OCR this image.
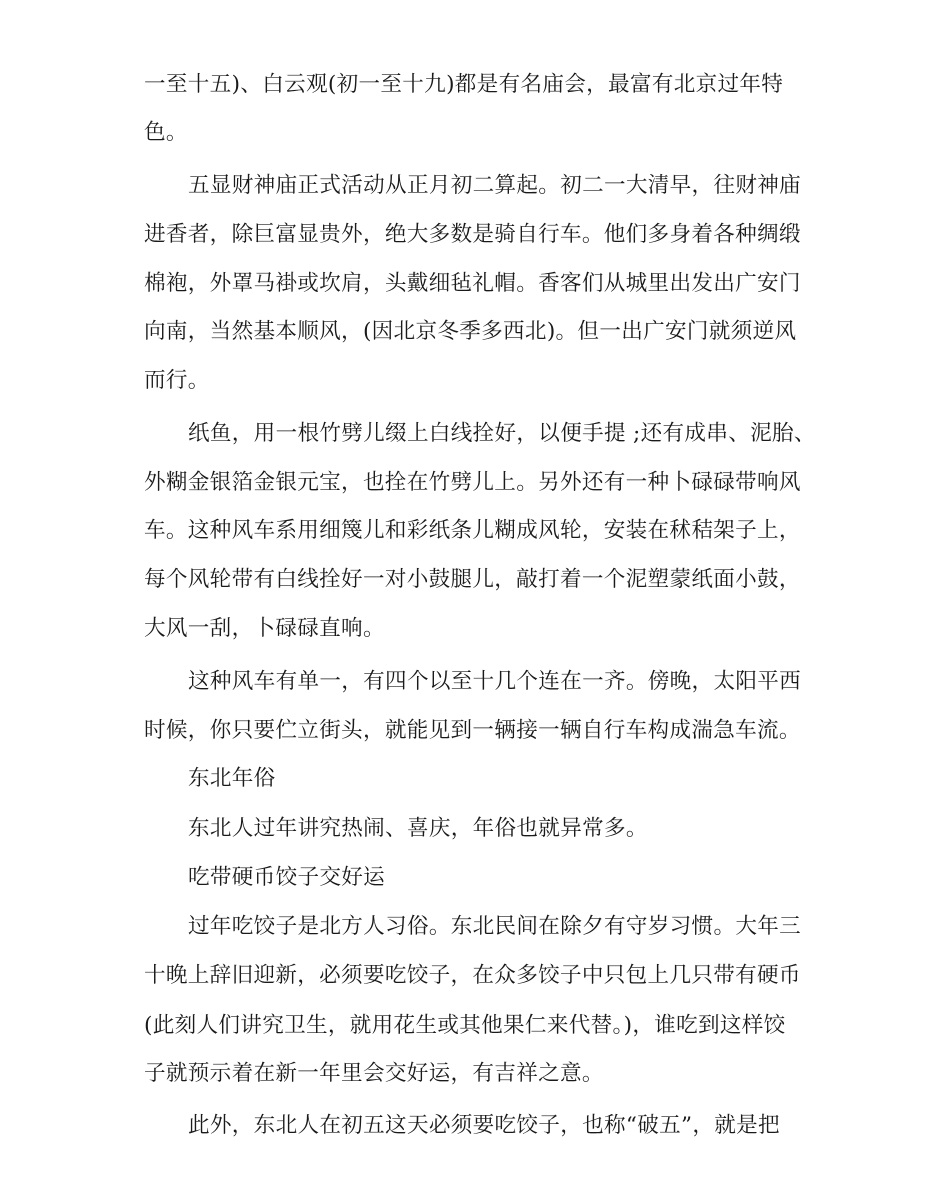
一至十五)、白云观(初一至十九)都是有名庙会，最富有北京过年特
色。
五显财神庙正式活动从正月初二算起。初二一大清早，往财神庙
进香者，除巨富显贵外，绝大多数是骑自行车。他们多身着各种绸缎
棉袍，外罩马褂或坎肩，头戴细毡礼帽。香客们从城里出发出广安门
向南，当然基本顺风，(因北京冬季多西北)。但一出广安门就须逆风
而行。
纸鱼，用一根竹劈儿缀上白线拴好，以便手提 ;还有成串、泥胎、
外糊金银箔金银元宝，也拴在竹劈儿上。另外还有一种卜碌碌带响风
车。这种风车系用细篾儿和彩纸条儿糊成风轮，安装在秫秸架子上，
每个风轮带有白线拴好一对小鼓腿儿，敲打着一个泥塑蒙纸面小鼓，
大风一刮，卜碌碌直响。
这种风车有单一，有四个以至十几个连在一齐。傍晚，太阳平西
时候，你只要伫立街头，就能见到一辆接一辆自行车构成湍急车流。
东北年俗
东北人过年讲究热闹、喜庆，年俗也就异常多。
吃带硬币饺子交好运
过年吃饺子是北方人习俗。东北民间在除夕有守岁习惯。大年三
十晚上辞旧迎新，必须要吃饺子，在众多饺子中只包上几只带有硬币
(此刻人们讲究卫生，就用花生或其他果仁来代替。)，谁吃到这样饺
子就预示着在新一年里会交好运，有吉祥之意。
此外，东北人在初五这天必须要吃饺子，也称“破五”，就是把
